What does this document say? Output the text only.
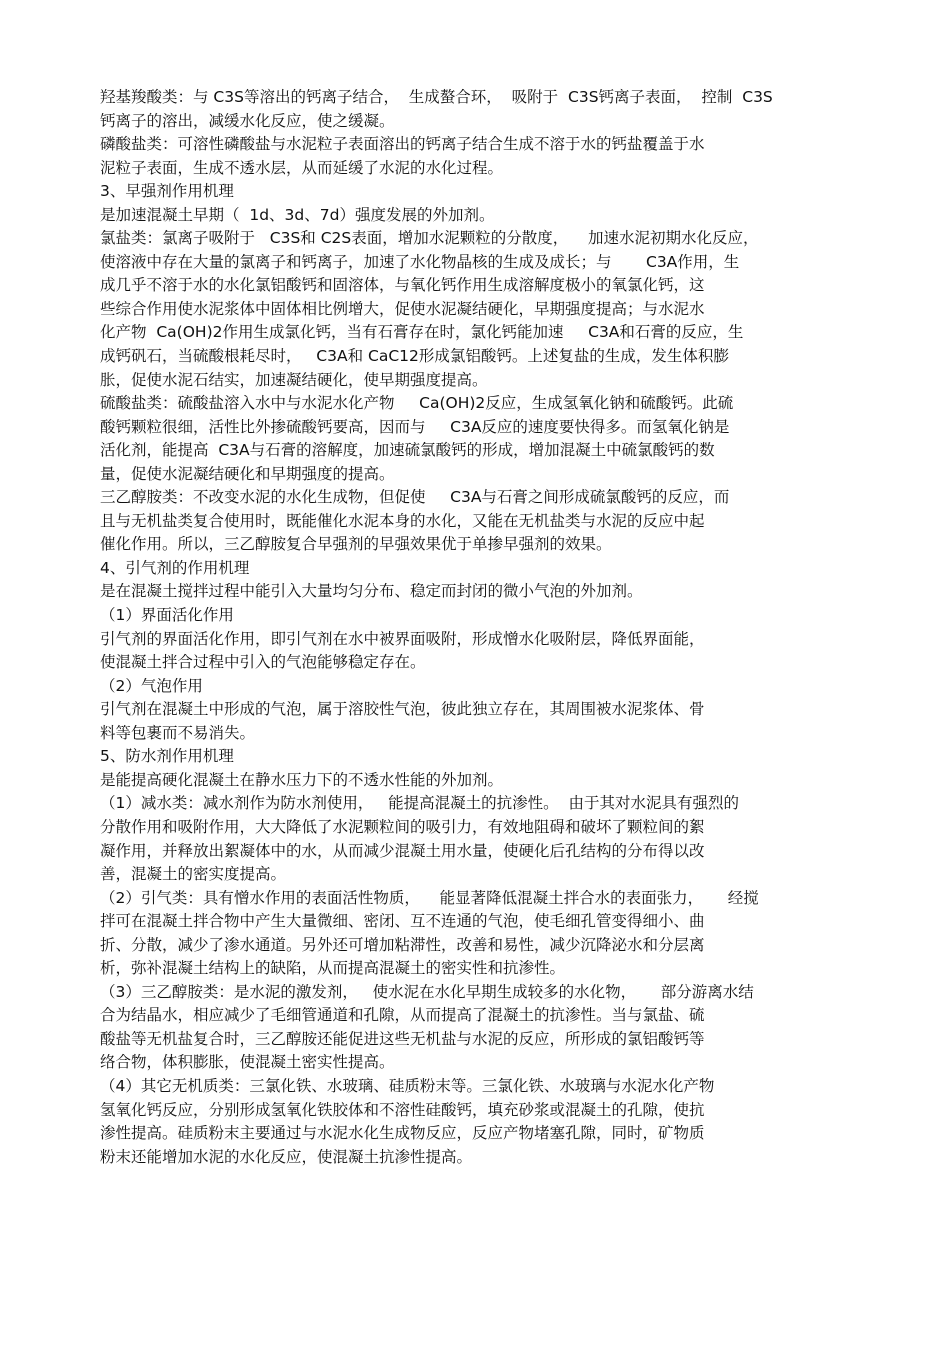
羟基羧酸类：与 C3S等溶出的钙离子结合，  生成螯合环，  吸附于  C3S钙离子表面，  控制  C3S
钙离子的溶出，减缓水化反应，使之缓凝。
磷酸盐类：可溶性磷酸盐与水泥粒子表面溶出的钙离子结合生成不溶于水的钙盐覆盖于水
泥粒子表面，生成不透水层，从而延缓了水泥的水化过程。
3、早强剂作用机理
是加速混凝土早期（  1d、3d、7d）强度发展的外加剂。
氯盐类：氯离子吸附于   C3S和 C2S表面，增加水泥颗粒的分散度，    加速水泥初期水化反应，
使溶液中存在大量的氯离子和钙离子，加速了水化物晶核的生成及成长；与       C3A作用，生
成几乎不溶于水的水化氯铝酸钙和固溶体，与氧化钙作用生成溶解度极小的氧氯化钙，这
些综合作用使水泥浆体中固体相比例增大，促使水泥凝结硬化，早期强度提高；与水泥水
化产物  Ca(OH)2作用生成氯化钙，当有石膏存在时，氯化钙能加速     C3A和石膏的反应，生
成钙矾石，当硫酸根耗尽时，   C3A和 CaC12形成氯铝酸钙。上述复盐的生成，发生体积膨
胀，促使水泥石结实，加速凝结硬化，使早期强度提高。
硫酸盐类：硫酸盐溶入水中与水泥水化产物     Ca(OH)2反应，生成氢氧化钠和硫酸钙。此硫
酸钙颗粒很细，活性比外掺硫酸钙要高，因而与     C3A反应的速度要快得多。而氢氧化钠是
活化剂，能提高  C3A与石膏的溶解度，加速硫氯酸钙的形成，增加混凝土中硫氯酸钙的数
量，促使水泥凝结硬化和早期强度的提高。
三乙醇胺类：不改变水泥的水化生成物，但促使     C3A与石膏之间形成硫氯酸钙的反应，而
且与无机盐类复合使用时，既能催化水泥本身的水化，又能在无机盐类与水泥的反应中起
催化作用。所以，三乙醇胺复合早强剂的早强效果优于单掺早强剂的效果。
4、引气剂的作用机理
是在混凝土搅拌过程中能引入大量均匀分布、稳定而封闭的微小气泡的外加剂。
（1）界面活化作用
引气剂的界面活化作用，即引气剂在水中被界面吸附，形成憎水化吸附层，降低界面能，
使混凝土拌合过程中引入的气泡能够稳定存在。
（2）气泡作用
引气剂在混凝土中形成的气泡，属于溶胶性气泡，彼此独立存在，其周围被水泥浆体、骨
料等包裹而不易消失。
5、防水剂作用机理
是能提高硬化混凝土在静水压力下的不透水性能的外加剂。
（1）减水类：减水剂作为防水剂使用，   能提高混凝土的抗渗性。  由于其对水泥具有强烈的
分散作用和吸附作用，大大降低了水泥颗粒间的吸引力，有效地阻碍和破坏了颗粒间的絮
凝作用，并释放出絮凝体中的水，从而减少混凝土用水量，使硬化后孔结构的分布得以改
善，混凝土的密实度提高。
（2）引气类：具有憎水作用的表面活性物质，    能显著降低混凝土拌合水的表面张力，     经搅
拌可在混凝土拌合物中产生大量微细、密闭、互不连通的气泡，使毛细孔管变得细小、曲
折、分散，减少了渗水通道。另外还可增加粘滞性，改善和易性，减少沉降泌水和分层离
析，弥补混凝土结构上的缺陷，从而提高混凝土的密实性和抗渗性。
（3）三乙醇胺类：是水泥的激发剂，   使水泥在水化早期生成较多的水化物，     部分游离水结
合为结晶水，相应减少了毛细管通道和孔隙，从而提高了混凝土的抗渗性。当与氯盐、硫
酸盐等无机盐复合时，三乙醇胺还能促进这些无机盐与水泥的反应，所形成的氯铝酸钙等
络合物，体积膨胀，使混凝土密实性提高。
（4）其它无机质类：三氯化铁、水玻璃、硅质粉末等。三氯化铁、水玻璃与水泥水化产物
氢氧化钙反应，分别形成氢氧化铁胶体和不溶性硅酸钙，填充砂浆或混凝土的孔隙，使抗
渗性提高。硅质粉末主要通过与水泥水化生成物反应，反应产物堵塞孔隙，同时，矿物质
粉末还能增加水泥的水化反应，使混凝土抗渗性提高。
